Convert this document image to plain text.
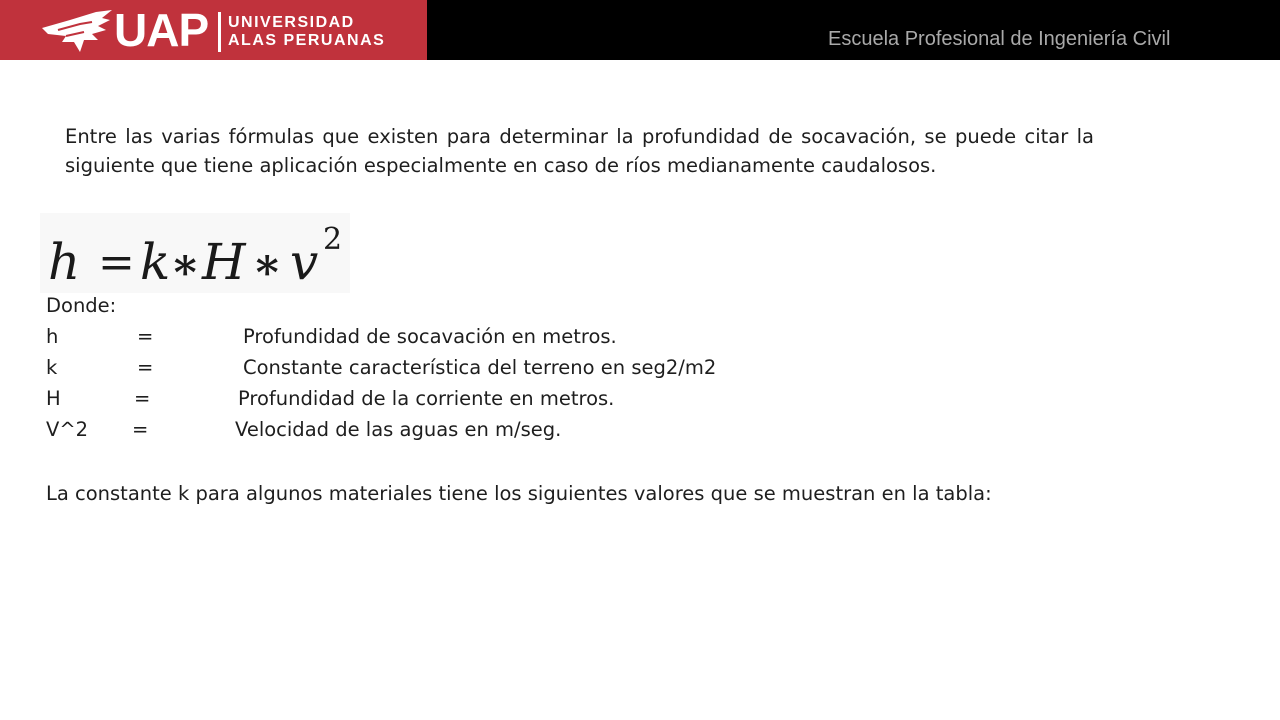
UAP UNIVERSIDAD
ALAS PERUANAS	Escuela Profesional de Ingeniería Civil

Entre las varias fórmulas que existen para determinar la profundidad de socavación, se puede citar la siguiente que tiene aplicación especialmente en caso de ríos medianamente caudalosos.

h = k ∗ H ∗ v 2
Donde:
h	=	Profundidad de socavación en metros.
k	=	Constante característica del terreno en seg2/m2
H	=	Profundidad de la corriente en metros.
V^2 =	Velocidad de las aguas en m/seg.

La constante k para algunos materiales tiene los siguientes valores que se muestran en la tabla:
